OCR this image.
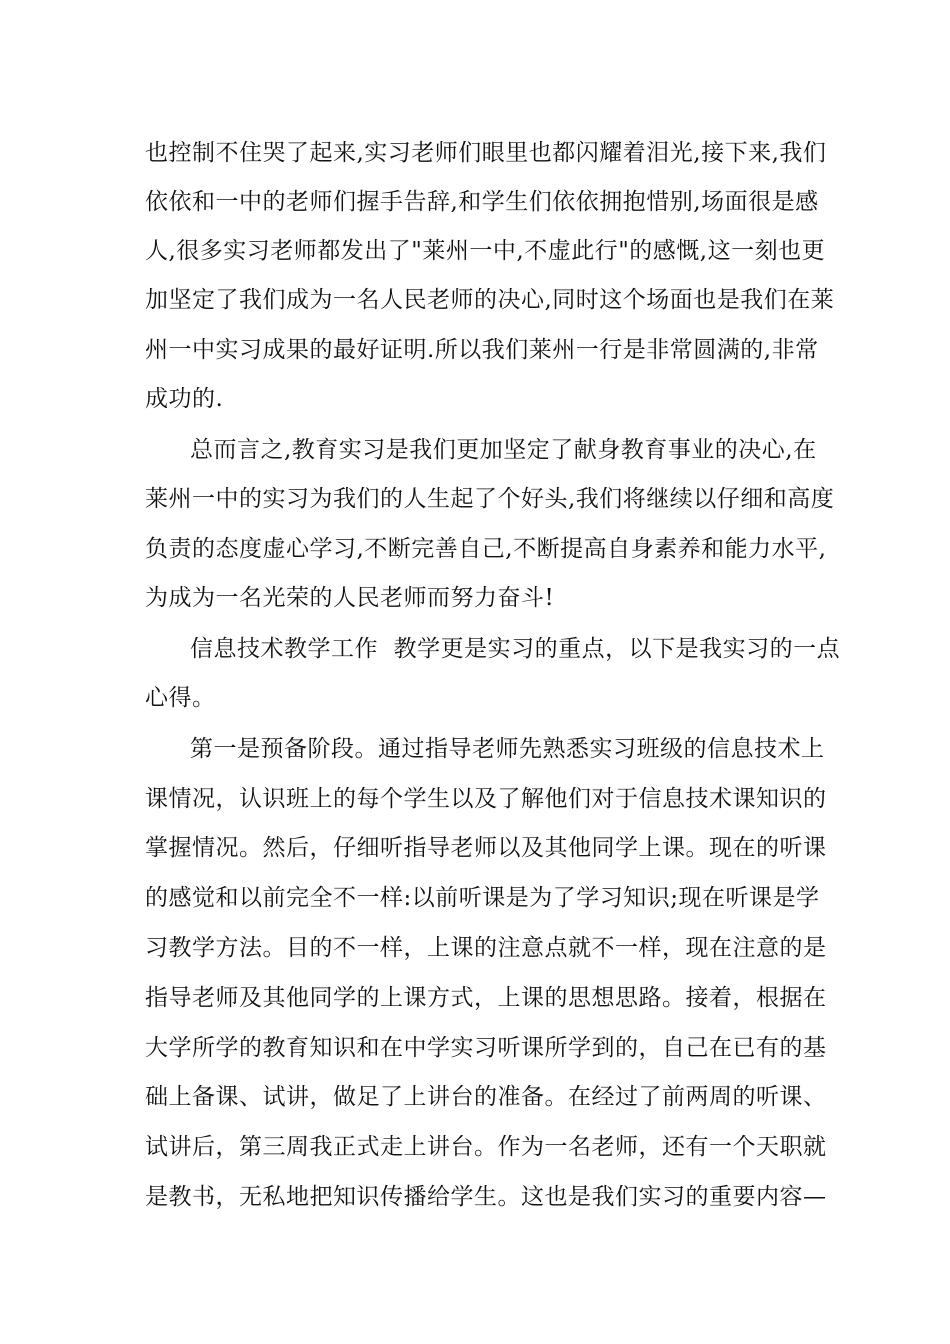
也控制不住哭了起来,实习老师们眼里也都闪耀着泪光,接下来,我们
依依和一中的老师们握手告辞,和学生们依依拥抱惜别,场面很是感
人,很多实习老师都发出了"莱州一中,不虚此行"的感慨,这一刻也更
加坚定了我们成为一名人民老师的决心,同时这个场面也是我们在莱
州一中实习成果的最好证明.所以我们莱州一行是非常圆满的,非常
成功的.
总而言之,教育实习是我们更加坚定了献身教育事业的决心,在
莱州一中的实习为我们的人生起了个好头,我们将继续以仔细和高度
负责的态度虚心学习,不断完善自己,不断提高自身素养和能力水平,
为成为一名光荣的人民老师而努力奋斗!
信息技术教学工作  教学更是实习的重点，以下是我实习的一点
心得。
第一是预备阶段。通过指导老师先熟悉实习班级的信息技术上
课情况，认识班上的每个学生以及了解他们对于信息技术课知识的
掌握情况。然后，仔细听指导老师以及其他同学上课。现在的听课
的感觉和以前完全不一样:以前听课是为了学习知识;现在听课是学
习教学方法。目的不一样，上课的注意点就不一样，现在注意的是
指导老师及其他同学的上课方式，上课的思想思路。接着，根据在
大学所学的教育知识和在中学实习听课所学到的，自己在已有的基
础上备课、试讲，做足了上讲台的准备。在经过了前两周的听课、
试讲后，第三周我正式走上讲台。作为一名老师，还有一个天职就
是教书，无私地把知识传播给学生。这也是我们实习的重要内容—
